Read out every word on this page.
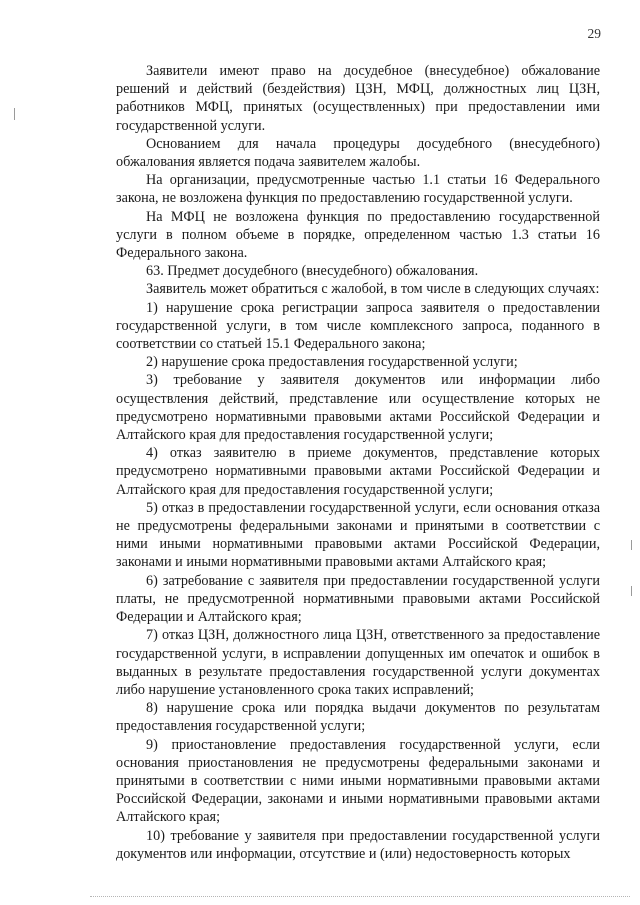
29

Заявители имеют право на досудебное (внесудебное) обжалование решений и действий (бездействия) ЦЗН, МФЦ, должностных лиц ЦЗН, работников МФЦ, принятых (осуществленных) при предоставлении ими государственной услуги.

Основанием для начала процедуры досудебного (внесудебного) обжалования является подача заявителем жалобы.

На организации, предусмотренные частью 1.1 статьи 16 Федерального закона, не возложена функция по предоставлению государственной услуги.

На МФЦ не возложена функция по предоставлению государственной услуги в полном объеме в порядке, определенном частью 1.3 статьи 16 Федерального закона.

63. Предмет досудебного (внесудебного) обжалования.

Заявитель может обратиться с жалобой, в том числе в следующих случаях:

1) нарушение срока регистрации запроса заявителя о предоставлении государственной услуги, в том числе комплексного запроса, поданного в соответствии со статьей 15.1 Федерального закона;

2) нарушение срока предоставления государственной услуги;

3) требование у заявителя документов или информации либо осуществления действий, представление или осуществление которых не предусмотрено нормативными правовыми актами Российской Федерации и Алтайского края для предоставления государственной услуги;

4) отказ заявителю в приеме документов, представление которых предусмотрено нормативными правовыми актами Российской Федерации и Алтайского края для предоставления государственной услуги;

5) отказ в предоставлении государственной услуги, если основания отказа не предусмотрены федеральными законами и принятыми в соответствии с ними иными нормативными правовыми актами Российской Федерации, законами и иными нормативными правовыми актами Алтайского края;

6) затребование с заявителя при предоставлении государственной услуги платы, не предусмотренной нормативными правовыми актами Российской Федерации и Алтайского края;

7) отказ ЦЗН, должностного лица ЦЗН, ответственного за предоставление государственной услуги, в исправлении допущенных им опечаток и ошибок в выданных в результате предоставления государственной услуги документах либо нарушение установленного срока таких исправлений;

8) нарушение срока или порядка выдачи документов по результатам предоставления государственной услуги;

9) приостановление предоставления государственной услуги, если основания приостановления не предусмотрены федеральными законами и принятыми в соответствии с ними иными нормативными правовыми актами Российской Федерации, законами и иными нормативными правовыми актами Алтайского края;

10) требование у заявителя при предоставлении государственной услуги документов или информации, отсутствие и (или) недостоверность которых
